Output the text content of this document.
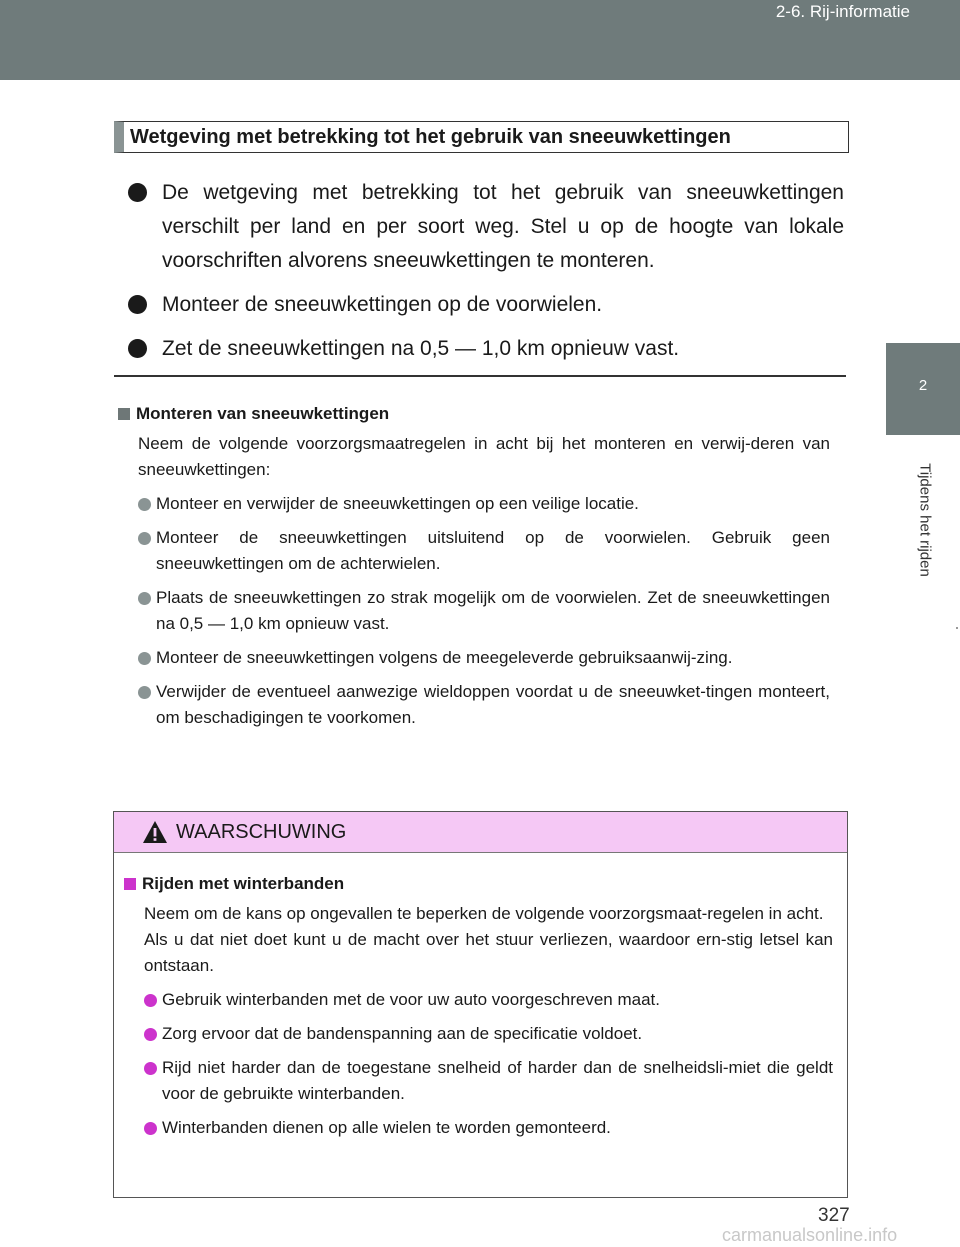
2-6. Rij-informatie
2
Tijdens het rijden
Wetgeving met betrekking tot het gebruik van sneeuwkettingen
De wetgeving met betrekking tot het gebruik van sneeuwkettingen verschilt per land en per soort weg. Stel u op de hoogte van lokale voorschriften alvorens sneeuwkettingen te monteren.
Monteer de sneeuwkettingen op de voorwielen.
Zet de sneeuwkettingen na 0,5 — 1,0 km opnieuw vast.
Monteren van sneeuwkettingen
Neem de volgende voorzorgsmaatregelen in acht bij het monteren en verwij-deren van sneeuwkettingen:
Monteer en verwijder de sneeuwkettingen op een veilige locatie.
Monteer de sneeuwkettingen uitsluitend op de voorwielen. Gebruik geen sneeuwkettingen om de achterwielen.
Plaats de sneeuwkettingen zo strak mogelijk om de voorwielen. Zet de sneeuwkettingen na 0,5 — 1,0 km opnieuw vast.
Monteer de sneeuwkettingen volgens de meegeleverde gebruiksaanwij-zing.
Verwijder de eventueel aanwezige wieldoppen voordat u de sneeuwket-tingen monteert, om beschadigingen te voorkomen.
WAARSCHUWING
Rijden met winterbanden
Neem om de kans op ongevallen te beperken de volgende voorzorgsmaat-regelen in acht.
Als u dat niet doet kunt u de macht over het stuur verliezen, waardoor ern-stig letsel kan ontstaan.
Gebruik winterbanden met de voor uw auto voorgeschreven maat.
Zorg ervoor dat de bandenspanning aan de specificatie voldoet.
Rijd niet harder dan de toegestane snelheid of harder dan de snelheidsli-miet die geldt voor de gebruikte winterbanden.
Winterbanden dienen op alle wielen te worden gemonteerd.
327
carmanualsonline.info
